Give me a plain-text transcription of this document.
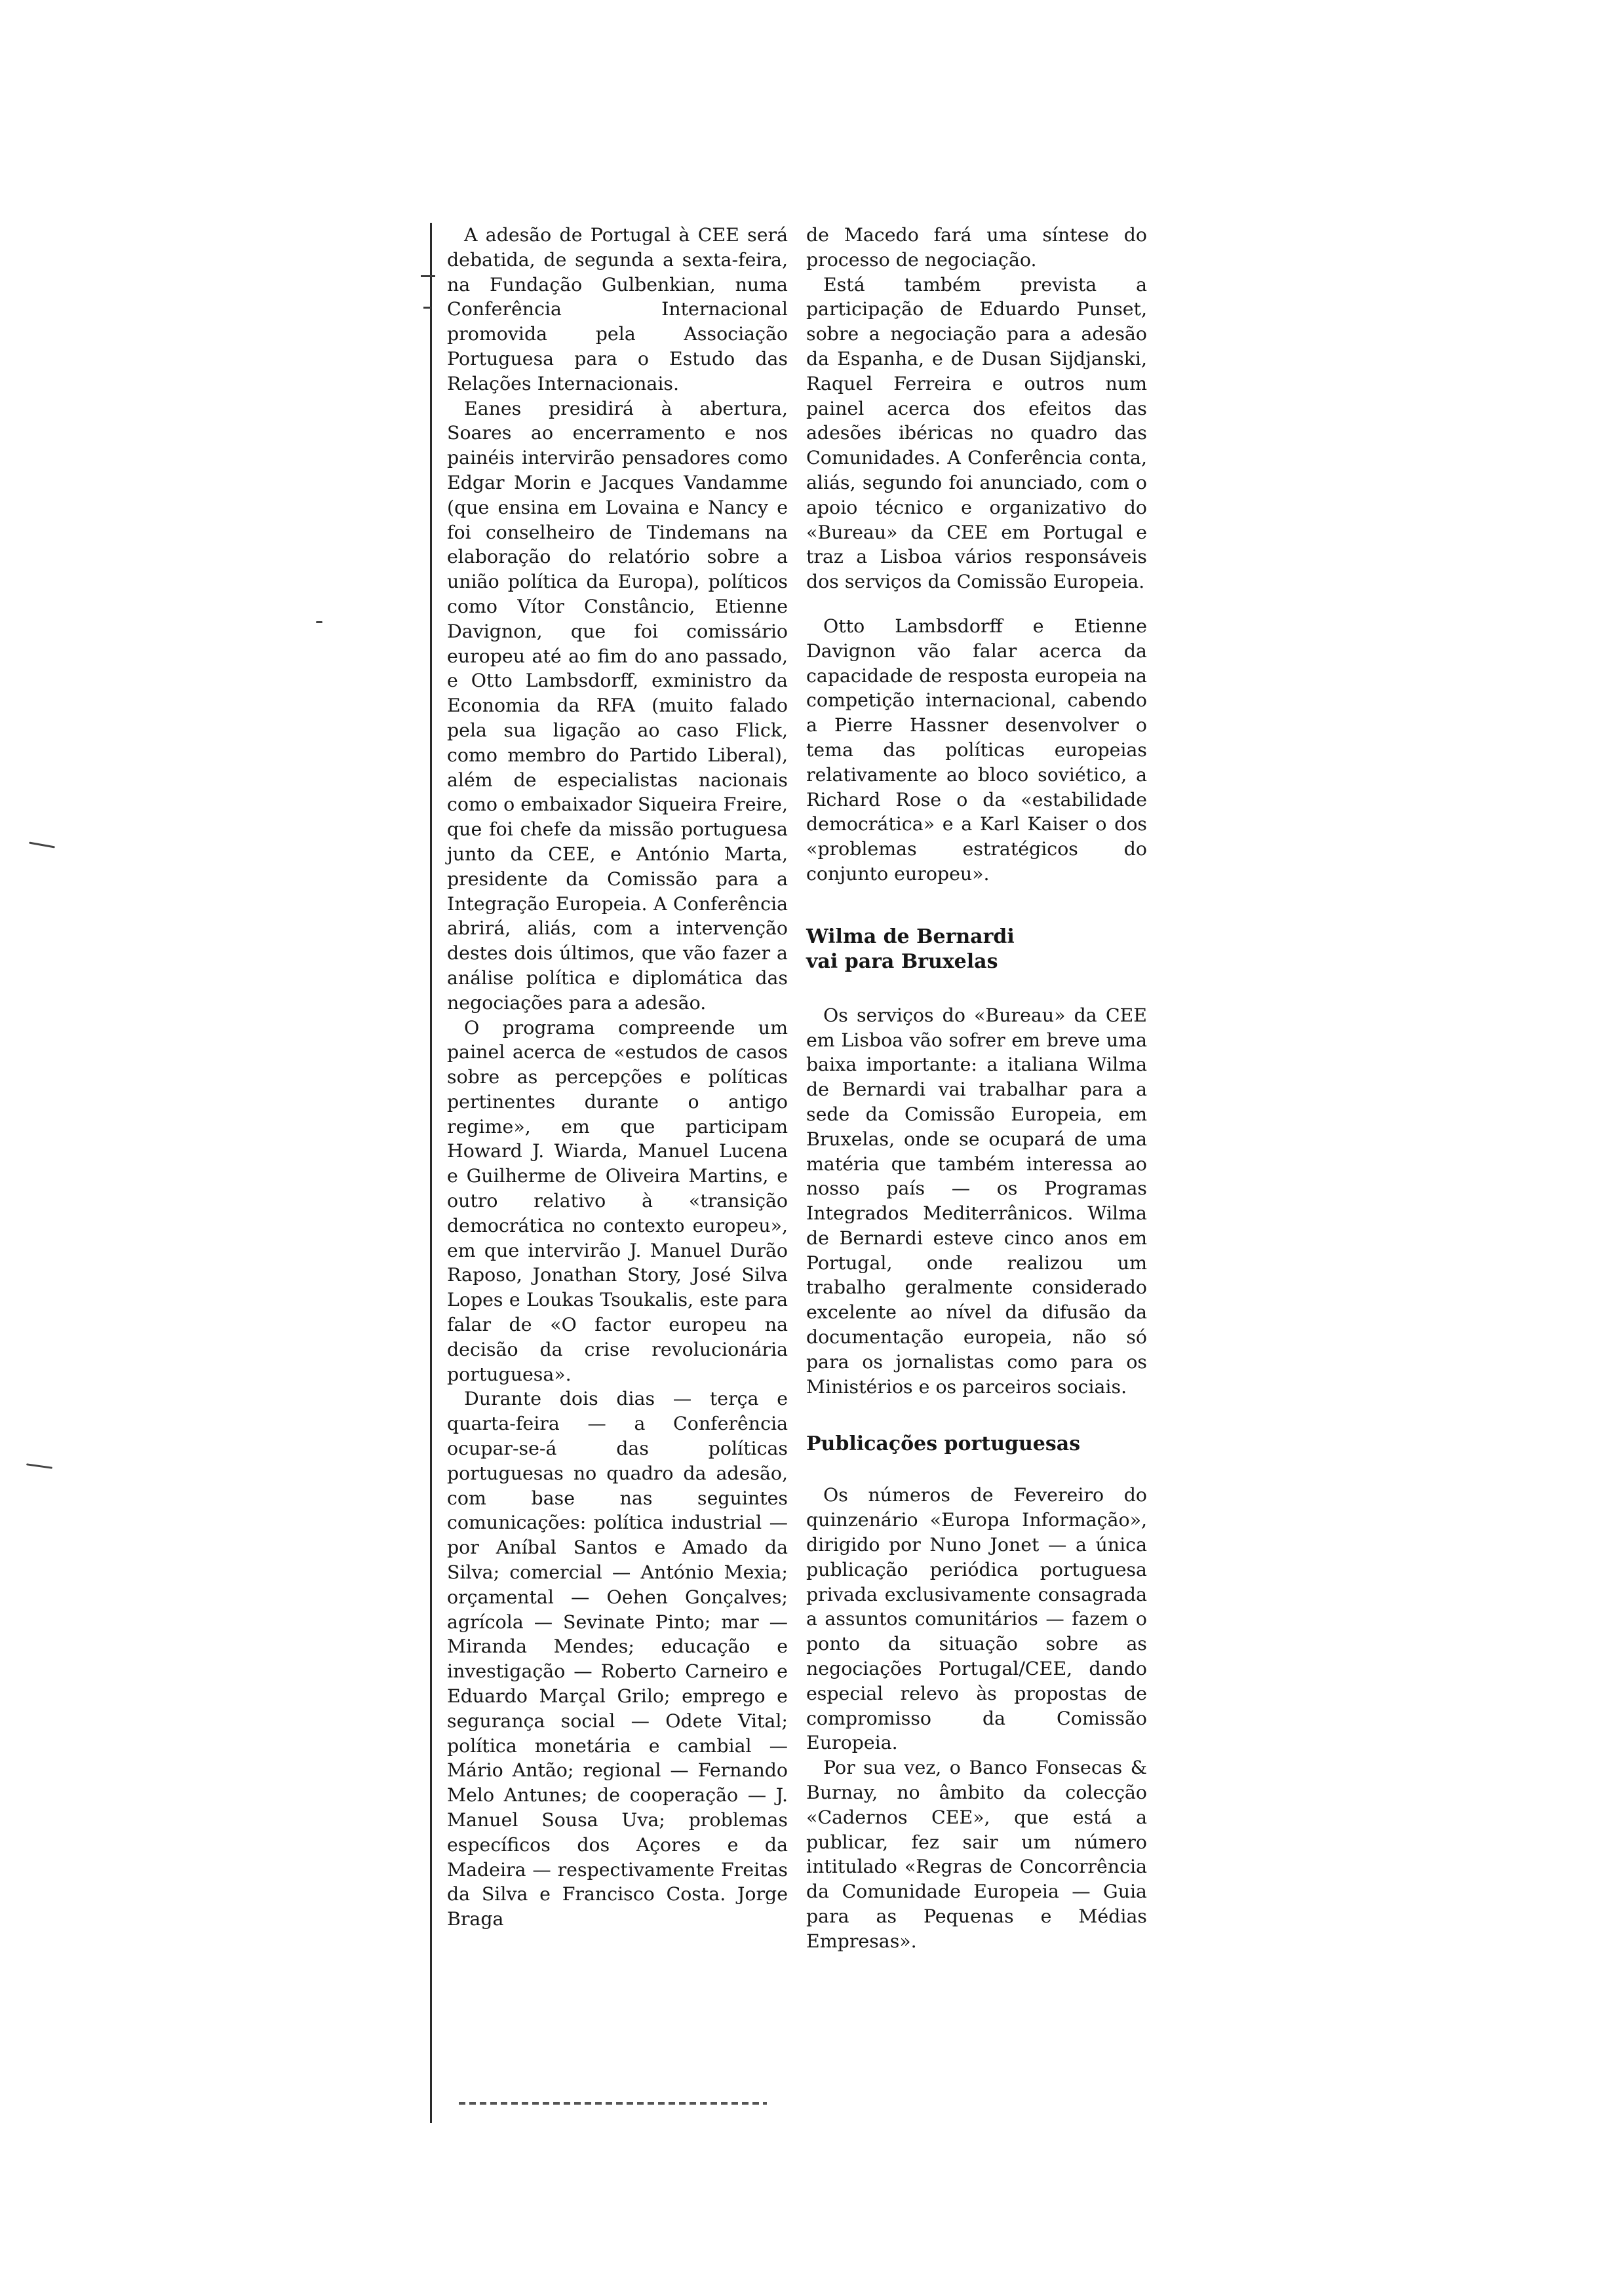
A adesão de Portugal à CEE será debatida, de segunda a sexta-feira, na Fundação Gulbenkian, numa Conferência Internacional promovida pela Associação Portuguesa para o Estudo das Relações Internacionais.

Eanes presidirá à abertura, Soares ao encerramento e nos painéis intervirão pensadores como Edgar Morin e Jacques Vandamme (que ensina em Lovaina e Nancy e foi conselheiro de Tindemans na elaboração do relatório sobre a união política da Europa), políticos como Vítor Constâncio, Etienne Davignon, que foi comissário europeu até ao fim do ano passado, e Otto Lambsdorff, exministro da Economia da RFA (muito falado pela sua ligação ao caso Flick, como membro do Partido Liberal), além de especialistas nacionais como o embaixador Siqueira Freire, que foi chefe da missão portuguesa junto da CEE, e António Marta, presidente da Comissão para a Integração Europeia. A Conferência abrirá, aliás, com a intervenção destes dois últimos, que vão fazer a análise política e diplomática das negociações para a adesão.

O programa compreende um painel acerca de «estudos de casos sobre as percepções e políticas pertinentes durante o antigo regime», em que participam Howard J. Wiarda, Manuel Lucena e Guilherme de Oliveira Martins, e outro relativo à «transição democrática no contexto europeu», em que intervirão J. Manuel Durão Raposo, Jonathan Story, José Silva Lopes e Loukas Tsoukalis, este para falar de «O factor europeu na decisão da crise revolucionária portuguesa».

Durante dois dias — terça e quarta-feira — a Conferência ocupar-se-á das políticas portuguesas no quadro da adesão, com base nas seguintes comunicações: política industrial — por Aníbal Santos e Amado da Silva; comercial — António Mexia; orçamental — Oehen Gonçalves; agrícola — Sevinate Pinto; mar — Miranda Mendes; educação e investigação — Roberto Carneiro e Eduardo Marçal Grilo; emprego e segurança social — Odete Vital; política monetária e cambial — Mário Antão; regional — Fernando Melo Antunes; de cooperação — J. Manuel Sousa Uva; problemas específicos dos Açores e da Madeira — respectivamente Freitas da Silva e Francisco Costa. Jorge Braga

de Macedo fará uma síntese do processo de negociação.

Está também prevista a participação de Eduardo Punset, sobre a negociação para a adesão da Espanha, e de Dusan Sijdjanski, Raquel Ferreira e outros num painel acerca dos efeitos das adesões ibéricas no quadro das Comunidades. A Conferência conta, aliás, segundo foi anunciado, com o apoio técnico e organizativo do «Bureau» da CEE em Portugal e traz a Lisboa vários responsáveis dos serviços da Comissão Europeia.

Otto Lambsdorff e Etienne Davignon vão falar acerca da capacidade de resposta europeia na competição internacional, cabendo a Pierre Hassner desenvolver o tema das políticas europeias relativamente ao bloco soviético, a Richard Rose o da «estabilidade democrática» e a Karl Kaiser o dos «problemas estratégicos do conjunto europeu».

Wilma de Bernardi
vai para Bruxelas

Os serviços do «Bureau» da CEE em Lisboa vão sofrer em breve uma baixa importante: a italiana Wilma de Bernardi vai trabalhar para a sede da Comissão Europeia, em Bruxelas, onde se ocupará de uma matéria que também interessa ao nosso país — os Programas Integrados Mediterrânicos. Wilma de Bernardi esteve cinco anos em Portugal, onde realizou um trabalho geralmente considerado excelente ao nível da difusão da documentação europeia, não só para os jornalistas como para os Ministérios e os parceiros sociais.

Publicações portuguesas

Os números de Fevereiro do quinzenário «Europa Informação», dirigido por Nuno Jonet — a única publicação periódica portuguesa privada exclusivamente consagrada a assuntos comunitários — fazem o ponto da situação sobre as negociações Portugal/CEE, dando especial relevo às propostas de compromisso da Comissão Europeia.

Por sua vez, o Banco Fonsecas & Burnay, no âmbito da colecção «Cadernos CEE», que está a publicar, fez sair um número intitulado «Regras de Concorrência da Comunidade Europeia — Guia para as Pequenas e Médias Empresas».
